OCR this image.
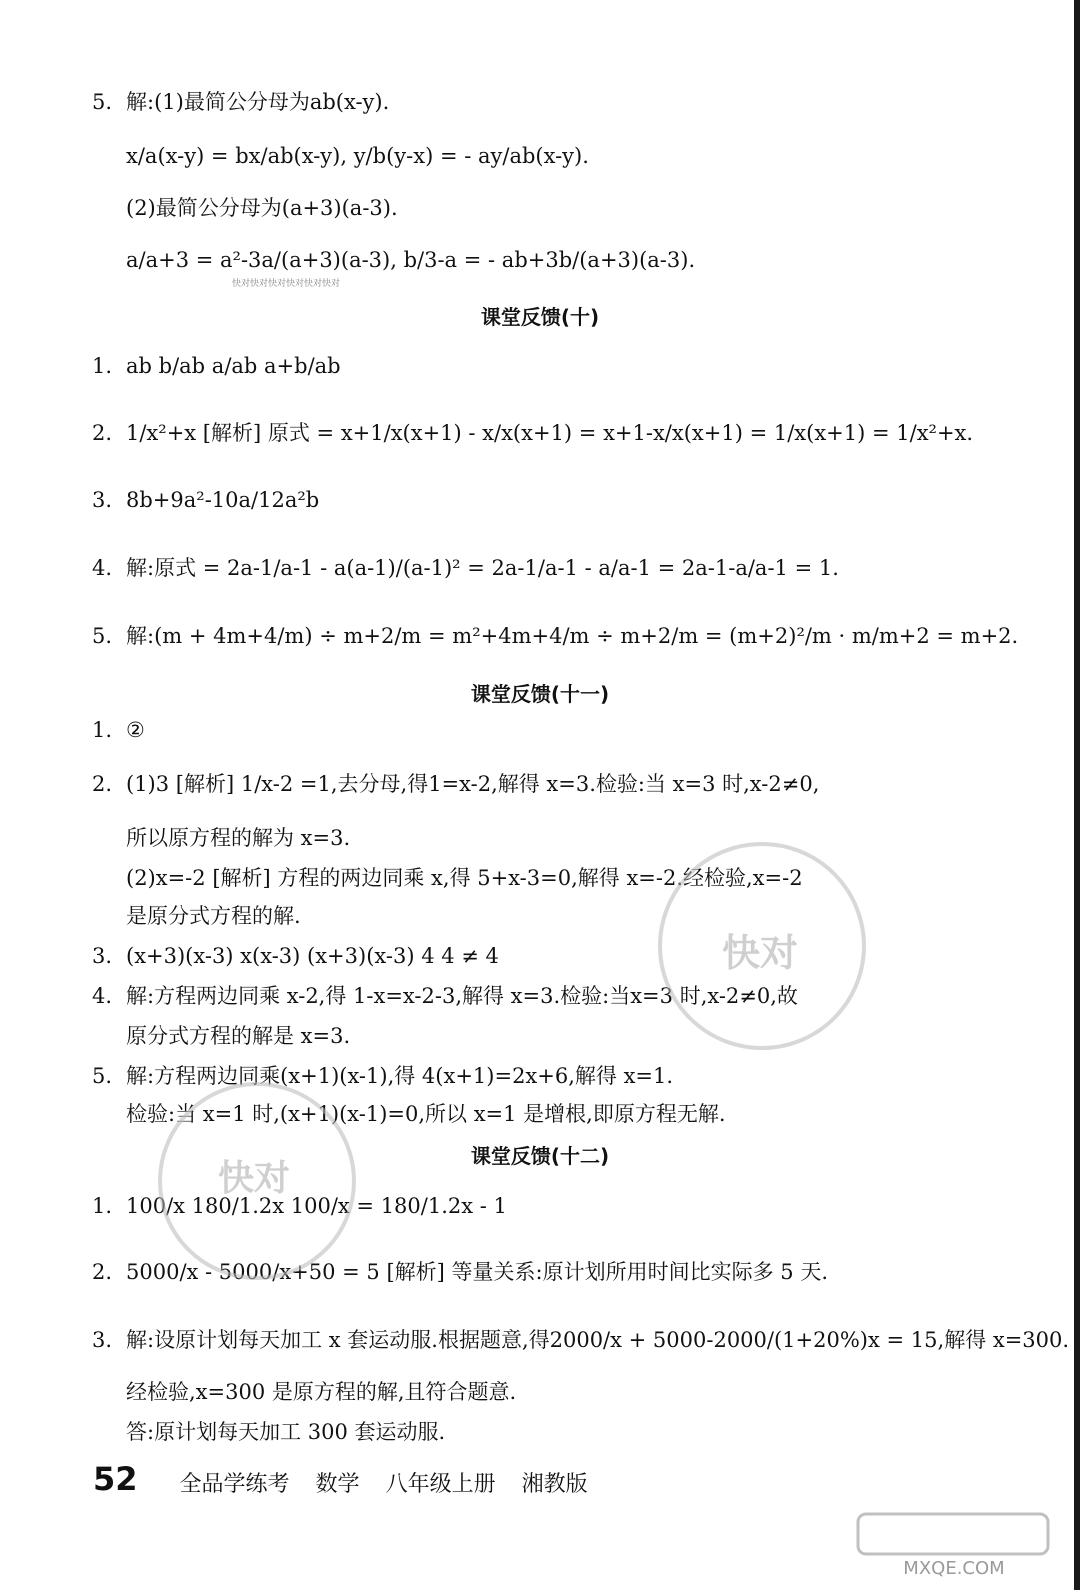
5. 解:(1)最简公分母为ab(x-y).
x/a(x-y) = bx/ab(x-y), y/b(y-x) = - ay/ab(x-y).
(2)最简公分母为(a+3)(a-3).
a/a+3 = a²-3a/(a+3)(a-3), b/3-a = - ab+3b/(a+3)(a-3).
快对快对快对快对快对快对
课堂反馈(十)
1. ab b/ab a/ab a+b/ab
2. 1/x²+x [解析] 原式 = x+1/x(x+1) - x/x(x+1) = x+1-x/x(x+1) = 1/x(x+1) = 1/x²+x.
3. 8b+9a²-10a/12a²b
4. 解:原式 = 2a-1/a-1 - a(a-1)/(a-1)² = 2a-1/a-1 - a/a-1 = 2a-1-a/a-1 = 1.
5. 解:(m + 4m+4/m) ÷ m+2/m = m²+4m+4/m ÷ m+2/m = (m+2)²/m · m/m+2 = m+2.
课堂反馈(十一)
1. ②
2. (1)3 [解析] 1/x-2 =1,去分母,得1=x-2,解得 x=3.检验:当 x=3 时,x-2≠0,
所以原方程的解为 x=3.
(2)x=-2 [解析] 方程的两边同乘 x,得 5+x-3=0,解得 x=-2.经检验,x=-2
是原分式方程的解.
3. (x+3)(x-3) x(x-3) (x+3)(x-3) 4 4 ≠ 4
4. 解:方程两边同乘 x-2,得 1-x=x-2-3,解得 x=3.检验:当x=3 时,x-2≠0,故
原分式方程的解是 x=3.
5. 解:方程两边同乘(x+1)(x-1),得 4(x+1)=2x+6,解得 x=1.
检验:当 x=1 时,(x+1)(x-1)=0,所以 x=1 是增根,即原方程无解.
课堂反馈(十二)
1. 100/x 180/1.2x 100/x = 180/1.2x - 1
2. 5000/x - 5000/x+50 = 5 [解析] 等量关系:原计划所用时间比实际多 5 天.
3. 解:设原计划每天加工 x 套运动服.根据题意,得2000/x + 5000-2000/(1+20%)x = 15,解得 x=300.
经检验,x=300 是原方程的解,且符合题意.
答:原计划每天加工 300 套运动服.
快对
快对
52 全品学练考 数学 八年级上册 湘教版
MXQE.COM
